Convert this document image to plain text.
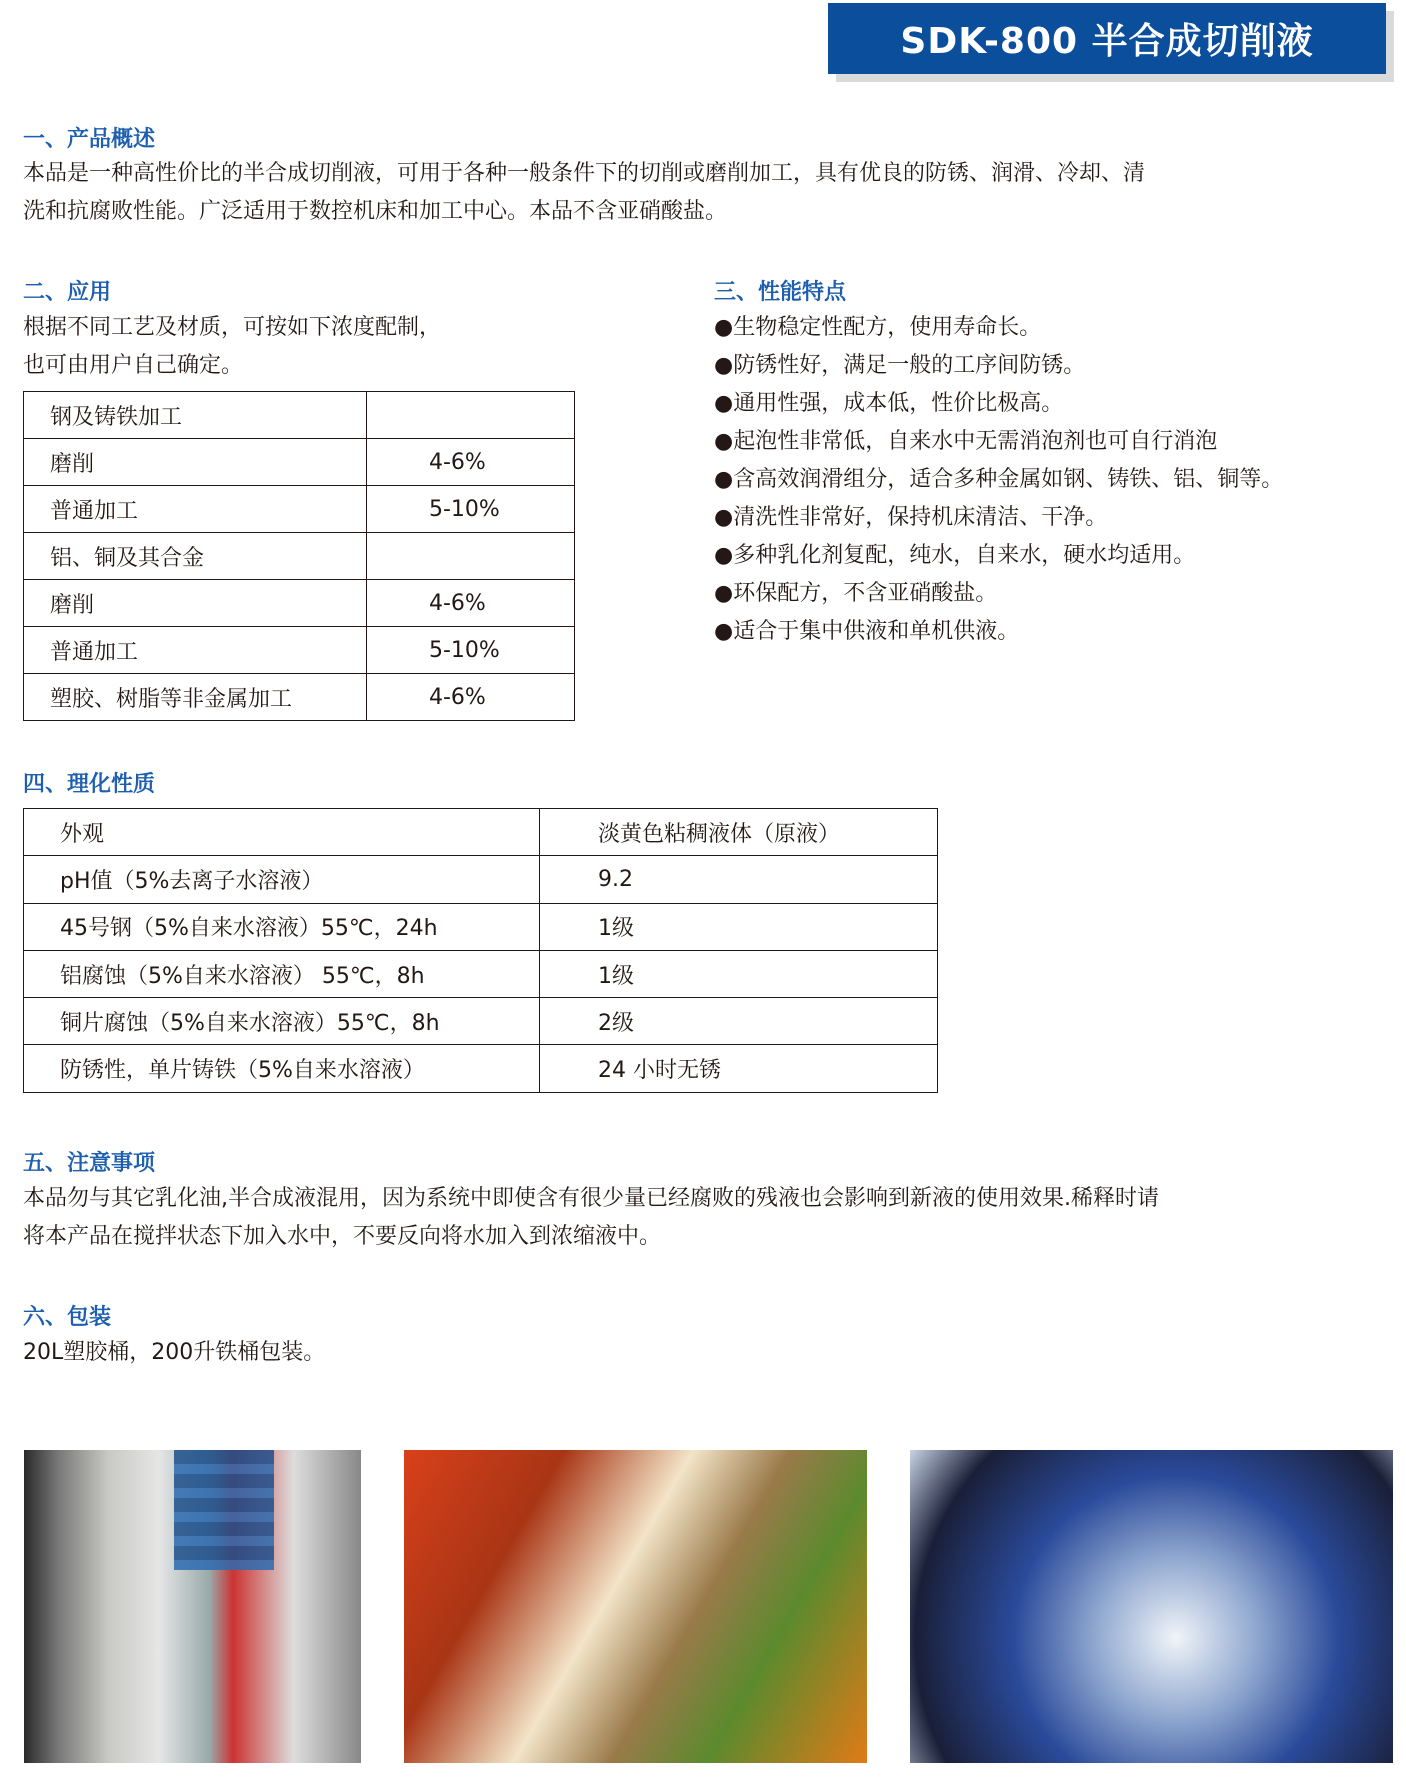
SDK-800 半合成切削液
一、产品概述
本品是一种高性价比的半合成切削液，可用于各种一般条件下的切削或磨削加工，具有优良的防锈、润滑、冷却、清
洗和抗腐败性能。广泛适用于数控机床和加工中心。本品不含亚硝酸盐。
二、应用
根据不同工艺及材质，可按如下浓度配制，
也可由用户自己确定。
钢及铸铁加工	
磨削	4-6%
普通加工	5-10%
铝、铜及其合金	
磨削	4-6%
普通加工	5-10%
塑胶、树脂等非金属加工	4-6%
三、性能特点
●生物稳定性配方，使用寿命长。
●防锈性好，满足一般的工序间防锈。
●通用性强，成本低，性价比极高。
●起泡性非常低，自来水中无需消泡剂也可自行消泡
●含高效润滑组分，适合多种金属如钢、铸铁、铝、铜等。
●清洗性非常好，保持机床清洁、干净。
●多种乳化剂复配，纯水，自来水，硬水均适用。
●环保配方，不含亚硝酸盐。
●适合于集中供液和单机供液。
四、理化性质
外观	淡黄色粘稠液体（原液）
pH值（5%去离子水溶液）	9.2
45号钢（5%自来水溶液）55℃，24h	1级
铝腐蚀（5%自来水溶液） 55℃，8h	1级
铜片腐蚀（5%自来水溶液）55℃，8h	2级
防锈性，单片铸铁（5%自来水溶液）	24 小时无锈
五、注意事项
本品勿与其它乳化油,半合成液混用，因为系统中即使含有很少量已经腐败的残液也会影响到新液的使用效果.稀释时请
将本产品在搅拌状态下加入水中，不要反向将水加入到浓缩液中。
六、包装
20L塑胶桶，200升铁桶包装。
